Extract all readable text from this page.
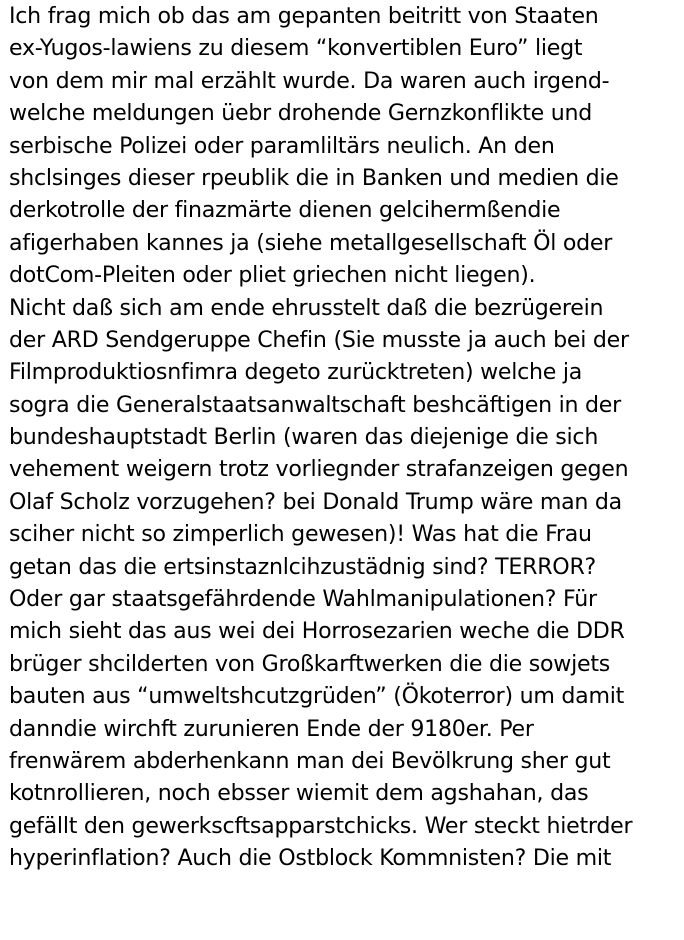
Ich frag mich ob das am gepanten beitritt von Staaten
ex-Yugos-lawiens zu diesem “konvertiblen Euro” liegt
von dem mir mal erzählt wurde. Da waren auch irgend-
welche meldungen üebr drohende Gernzkonflikte und
serbische Polizei oder paramliltärs neulich. An den
shclsinges dieser rpeublik die in Banken und medien die
derkotrolle der finazmärte dienen gelcihermßendie
afigerhaben kannes ja (siehe metallgesellschaft Öl oder
dotCom-Pleiten oder pliet griechen nicht liegen).
Nicht daß sich am ende ehrusstelt daß die bezrügerein
der ARD Sendgeruppe Chefin (Sie musste ja auch bei der
Filmproduktiosnfimra degeto zurücktreten) welche ja
sogra die Generalstaatsanwaltschaft beshcäftigen in der
bundeshauptstadt Berlin (waren das diejenige die sich
vehement weigern trotz vorliegnder strafanzeigen gegen
Olaf Scholz vorzugehen? bei Donald Trump wäre man da
sciher nicht so zimperlich gewesen)! Was hat die Frau
getan das die ertsinstaznlcihzustädnig sind? TERROR?
Oder gar staatsgefährdende Wahlmanipulationen? Für
mich sieht das aus wei dei Horrosezarien weche die DDR
brüger shcilderten von Großkarftwerken die die sowjets
bauten aus “umweltshcutzgrüden” (Ökoterror) um damit
danndie wirchft zurunieren Ende der 9180er. Per
frenwärem abderhenkann man dei Bevölkrung sher gut
kotnrollieren, noch ebsser wiemit dem agshahan, das
gefällt den gewerkscftsapparstchicks. Wer steckt hietrder
hyperinflation? Auch die Ostblock Kommnisten? Die mit
